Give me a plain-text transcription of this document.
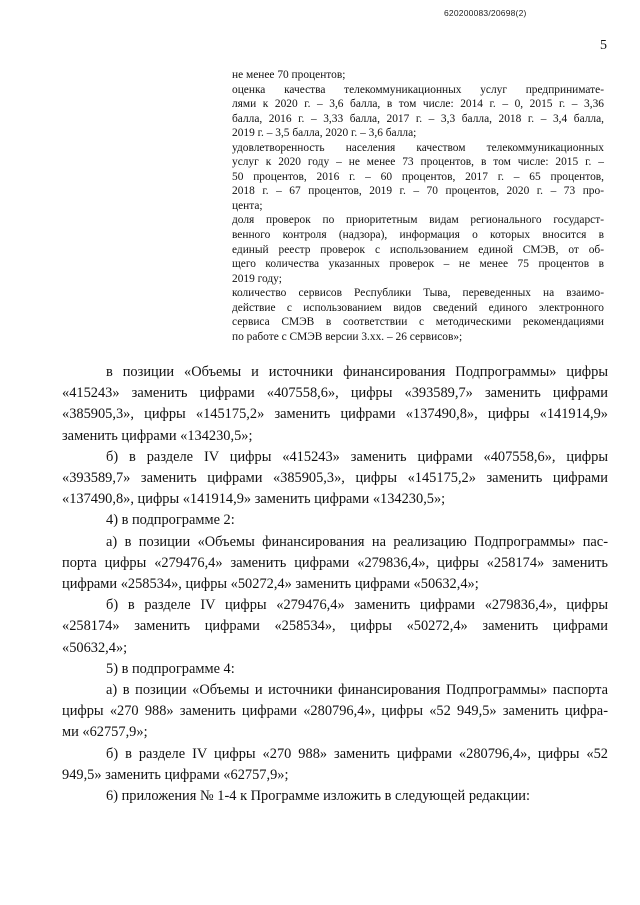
620200083/20698(2)
5
не менее 70 процентов;
оценка качества телекоммуникационных услуг предпринимате-
лями к 2020 г. – 3,6 балла, в том числе: 2014 г. – 0, 2015 г. – 3,36
балла, 2016 г. – 3,33 балла, 2017 г. – 3,3 балла, 2018 г. – 3,4 балла,
2019 г. – 3,5 балла, 2020 г. – 3,6 балла;
удовлетворенность населения качеством телекоммуникационных
услуг к 2020 году – не менее 73 процентов, в том числе: 2015 г. –
50 процентов, 2016 г. – 60 процентов, 2017 г. – 65 процентов,
2018 г. – 67 процентов, 2019 г. – 70 процентов, 2020 г. – 73 про-
цента;
доля проверок по приоритетным видам регионального государст-
венного контроля (надзора), информация о которых вносится в
единый реестр проверок с использованием единой СМЭВ, от об-
щего количества указанных проверок – не менее 75 процентов в
2019 году;
количество сервисов Республики Тыва, переведенных на взаимо-
действие с использованием видов сведений единого электронного
сервиса СМЭВ в соответствии с методическими рекомендациями
по работе с СМЭВ версии 3.хх. – 26 сервисов»;
в позиции «Объемы и источники финансирования Подпрограммы» цифры
«415243» заменить цифрами «407558,6», цифры «393589,7» заменить цифрами
«385905,3», цифры «145175,2» заменить цифрами «137490,8», цифры «141914,9»
заменить цифрами «134230,5»;
б) в разделе IV цифры «415243» заменить цифрами «407558,6», цифры
«393589,7» заменить цифрами «385905,3», цифры «145175,2» заменить цифрами
«137490,8», цифры «141914,9» заменить цифрами «134230,5»;
4) в подпрограмме 2:
а) в позиции «Объемы финансирования на реализацию Подпрограммы» пас-
порта цифры «279476,4» заменить цифрами «279836,4», цифры «258174» заменить
цифрами «258534», цифры «50272,4» заменить цифрами «50632,4»;
б) в разделе IV цифры «279476,4» заменить цифрами «279836,4», цифры
«258174» заменить цифрами «258534», цифры «50272,4» заменить цифрами
«50632,4»;
5) в подпрограмме 4:
а) в позиции «Объемы и источники финансирования Подпрограммы» паспорта
цифры «270 988» заменить цифрами «280796,4», цифры «52 949,5» заменить цифра-
ми «62757,9»;
б) в разделе IV цифры «270 988» заменить цифрами «280796,4», цифры «52
949,5» заменить цифрами «62757,9»;
6) приложения № 1-4 к Программе изложить в следующей редакции:
